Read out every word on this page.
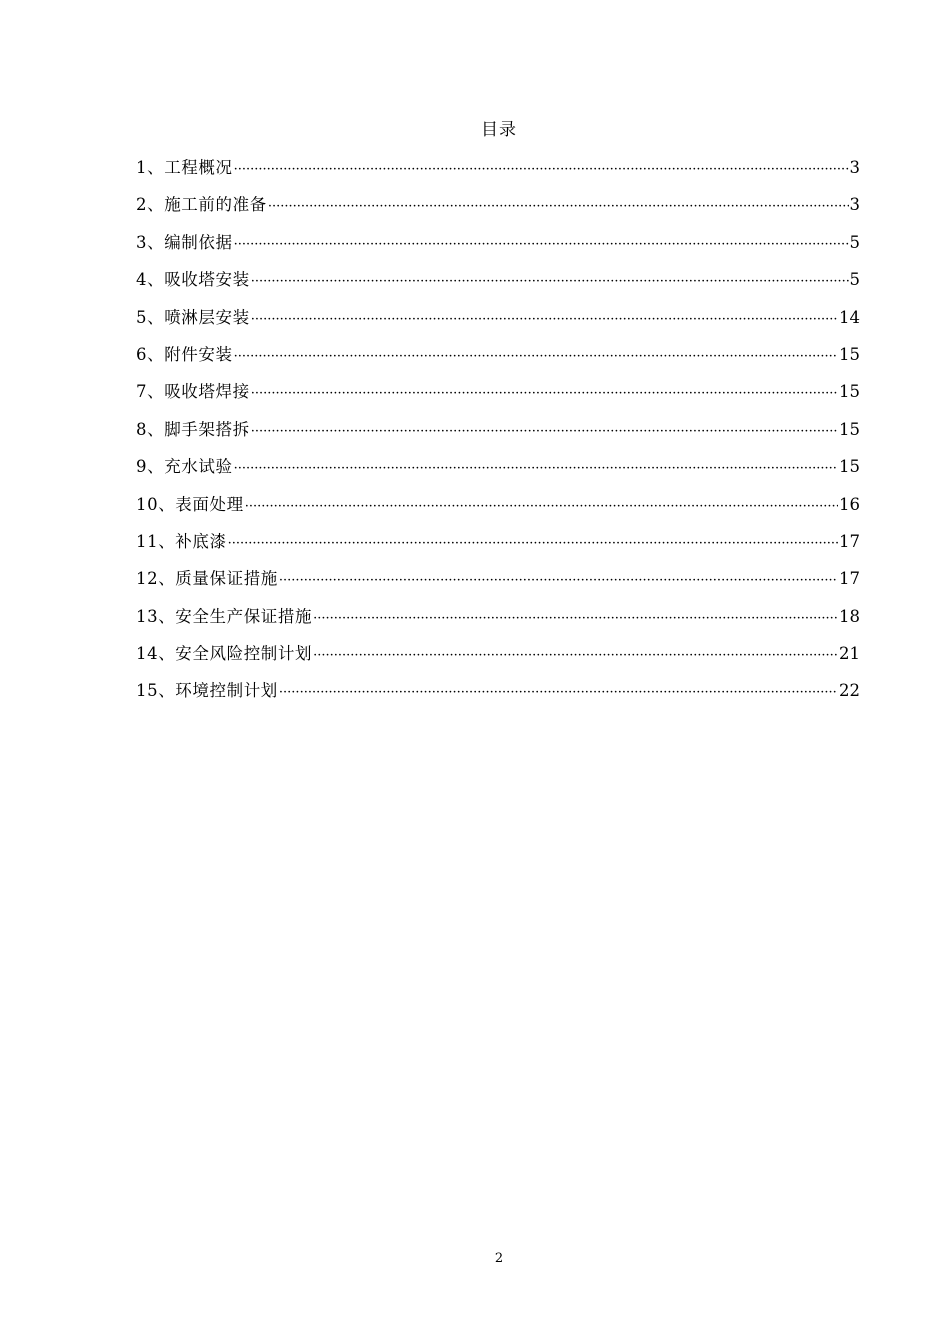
目录
1、工程概况 ·····	3
2、施工前的准备 ·····	3
3、编制依据 ·····	5
4、吸收塔安装 ·····	5
5、喷淋层安装 ·····	14
6、附件安装 ·····	15
7、吸收塔焊接 ·····	15
8、脚手架搭拆 ·····	15
9、充水试验 ·····	15
10、表面处理 ·····	16
11、补底漆 ·····	17
12、质量保证措施 ·····	17
13、安全生产保证措施 ·····	18
14、安全风险控制计划 ·····	21
15、环境控制计划 ·····	22
2
